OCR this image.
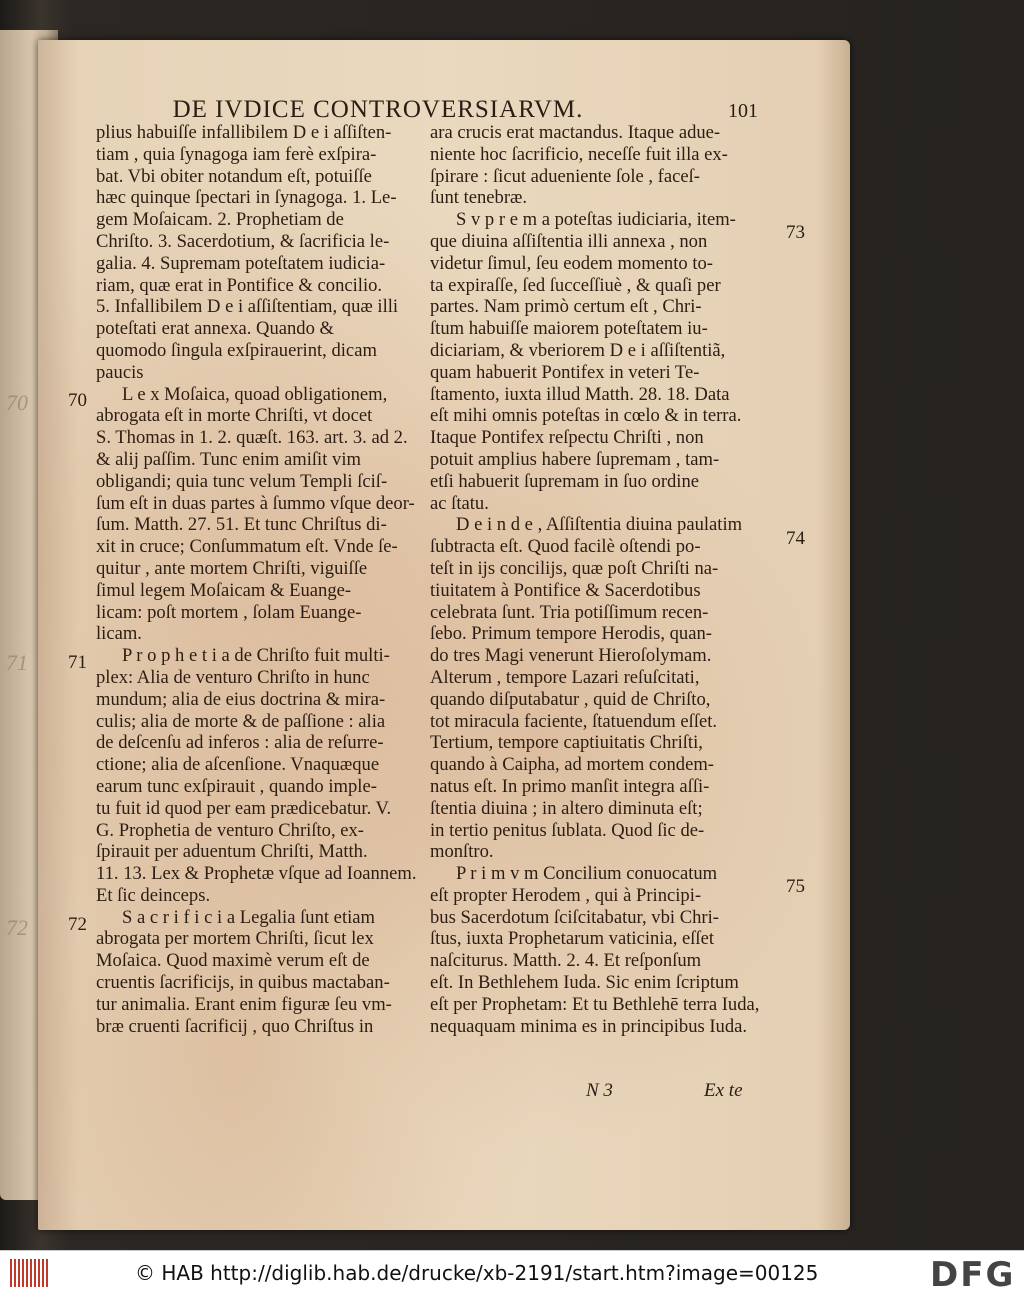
70
71
72
DE IVDICE CONTROVERSIARVM.	101
plius habuiſſe infallibilem D e i aſſiſten-
tiam , quia ſynagoga iam ferè exſpira-
bat. Vbi obiter notandum eſt, potuiſſe
hæc quinque ſpectari in ſynagoga. 1. Le-
gem Moſaicam. 2. Prophetiam de
Chriſto. 3. Sacerdotium, & ſacrificia le-
galia. 4. Supremam poteſtatem iudicia-
riam, quæ erat in Pontifice & concilio.
5. Infallibilem D e i aſſiſtentiam, quæ illi
poteſtati erat annexa. Quando &
quomodo ſingula exſpirauerint, dicam
paucis
L e x Moſaica, quoad obligationem,
abrogata eſt in morte Chriſti, vt docet
S. Thomas in 1. 2. quæſt. 163. art. 3. ad 2.
& alij paſſim. Tunc enim amiſit vim
obligandi; quia tunc velum Templi ſciſ-
ſum eſt in duas partes à ſummo vſque deor-
ſum. Matth. 27. 51. Et tunc Chriſtus di-
xit in cruce; Conſummatum eſt. Vnde ſe-
quitur , ante mortem Chriſti, viguiſſe
ſimul legem Moſaicam & Euange-
licam: poſt mortem , ſolam Euange-
licam.
P r o p h e t i a de Chriſto fuit multi-
plex: Alia de venturo Chriſto in hunc
mundum; alia de eius doctrina & mira-
culis; alia de morte & de paſſione : alia
de deſcenſu ad inferos : alia de reſurre-
ctione; alia de aſcenſione. Vnaquæque
earum tunc exſpirauit , quando imple-
tu fuit id quod per eam prædicebatur. V.
G. Prophetia de venturo Chriſto, ex-
ſpirauit per aduentum Chriſti, Matth.
11. 13. Lex & Prophetæ vſque ad Ioannem.
Et ſic deinceps.
S a c r i f i c i a Legalia ſunt etiam
abrogata per mortem Chriſti, ſicut lex
Moſaica. Quod maximè verum eſt de
cruentis ſacrificijs, in quibus mactaban-
tur animalia. Erant enim figuræ ſeu vm-
bræ cruenti ſacrificij , quo Chriſtus in
ara crucis erat mactandus. Itaque adue-
niente hoc ſacrificio, neceſſe fuit illa ex-
ſpirare : ſicut adueniente ſole , faceſ-
ſunt tenebræ.
S v p r e m a poteſtas iudiciaria, item-
que diuina aſſiſtentia illi annexa , non
videtur ſimul, ſeu eodem momento to-
ta expiraſſe, ſed ſucceſſiuè , & quaſi per
partes. Nam primò certum eſt , Chri-
ſtum habuiſſe maiorem poteſtatem iu-
diciariam, & vberiorem D e i aſſiſtentiã,
quam habuerit Pontifex in veteri Te-
ſtamento, iuxta illud Matth. 28. 18. Data
eſt mihi omnis poteſtas in cœlo & in terra.
Itaque Pontifex reſpectu Chriſti , non
potuit amplius habere ſupremam , tam-
etſi habuerit ſupremam in ſuo ordine
ac ſtatu.
D e i n d e , Aſſiſtentia diuina paulatim
ſubtracta eſt. Quod facilè oſtendi po-
teſt in ijs concilijs, quæ poſt Chriſti na-
tiuitatem à Pontifice & Sacerdotibus
celebrata ſunt. Tria potiſſimum recen-
ſebo. Primum tempore Herodis, quan-
do tres Magi venerunt Hieroſolymam.
Alterum , tempore Lazari reſuſcitati,
quando diſputabatur , quid de Chriſto,
tot miracula faciente, ſtatuendum eſſet.
Tertium, tempore captiuitatis Chriſti,
quando à Caipha, ad mortem condem-
natus eſt. In primo manſit integra aſſi-
ſtentia diuina ; in altero diminuta eſt;
in tertio penitus ſublata. Quod ſic de-
monſtro.
P r i m v m Concilium conuocatum
eſt propter Herodem , qui à Principi-
bus Sacerdotum ſciſcitabatur, vbi Chri-
ſtus, iuxta Prophetarum vaticinia, eſſet
naſciturus. Matth. 2. 4. Et reſponſum
eſt. In Bethlehem Iuda. Sic enim ſcriptum
eſt per Prophetam: Et tu Bethlehē terra Iuda,
nequaquam minima es in principibus Iuda.
70
71
72
73
74
75
N 3	Ex te
© HAB http://diglib.hab.de/drucke/xb-2191/start.htm?image=00125	DFG
